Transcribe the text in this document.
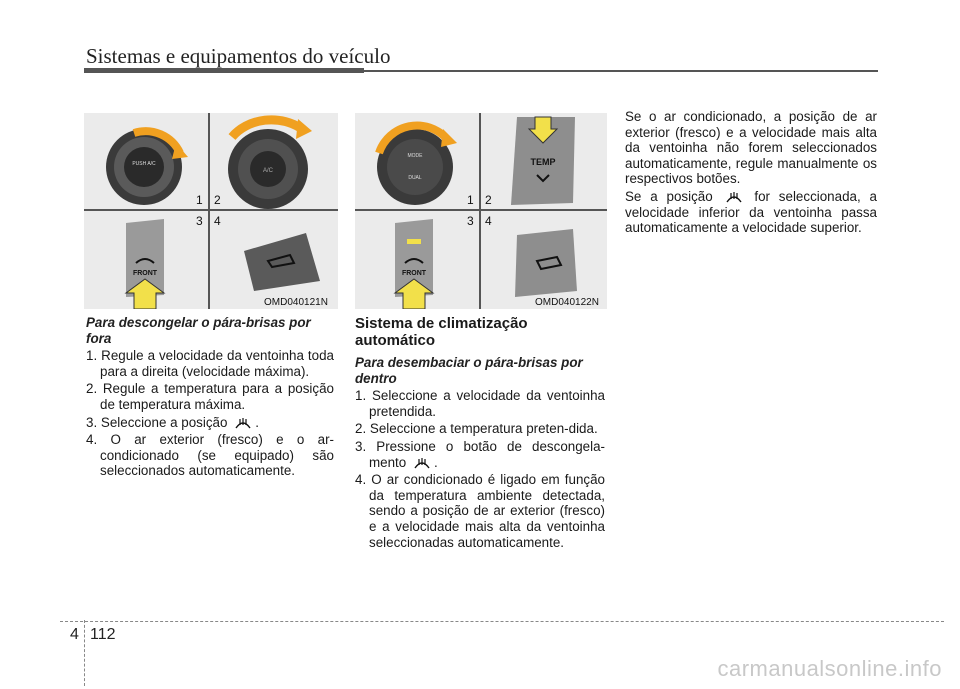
Sistemas e equipamentos do veículo
PUSH A/C
A/C
FRONT
1 2
3 4
OMD040121N
MODE
DUAL
TEMP
FRONT
1 2
3 4
OMD040122N
Para descongelar o pára-brisas por fora
1. Regule a velocidade da ventoinha toda para a direita (velocidade máxima).
2. Regule a temperatura para a posição de temperatura máxima.
3. Seleccione a posição .
4. O ar exterior (fresco) e o ar-condicionado (se equipado) são seleccionados automaticamente.
Sistema de climatização automático
Para desembaciar o pára-brisas por dentro
1. Seleccione a velocidade da ventoinha pretendida.
2. Seleccione a temperatura preten-dida.
3. Pressione o botão de descongela-mento .
4. O ar condicionado é ligado em função da temperatura ambiente detectada, sendo a posição de ar exterior (fresco) e a velocidade mais alta da ventoinha seleccionadas automaticamente.
Se o ar condicionado, a posição de ar exterior (fresco) e a velocidade mais alta da ventoinha não forem seleccionados automaticamente, regule manualmente os respectivos botões.
Se a posição	for seleccionada, a velocidade inferior da ventoinha passa automaticamente a velocidade superior.
4 112
carmanualsonline.info
